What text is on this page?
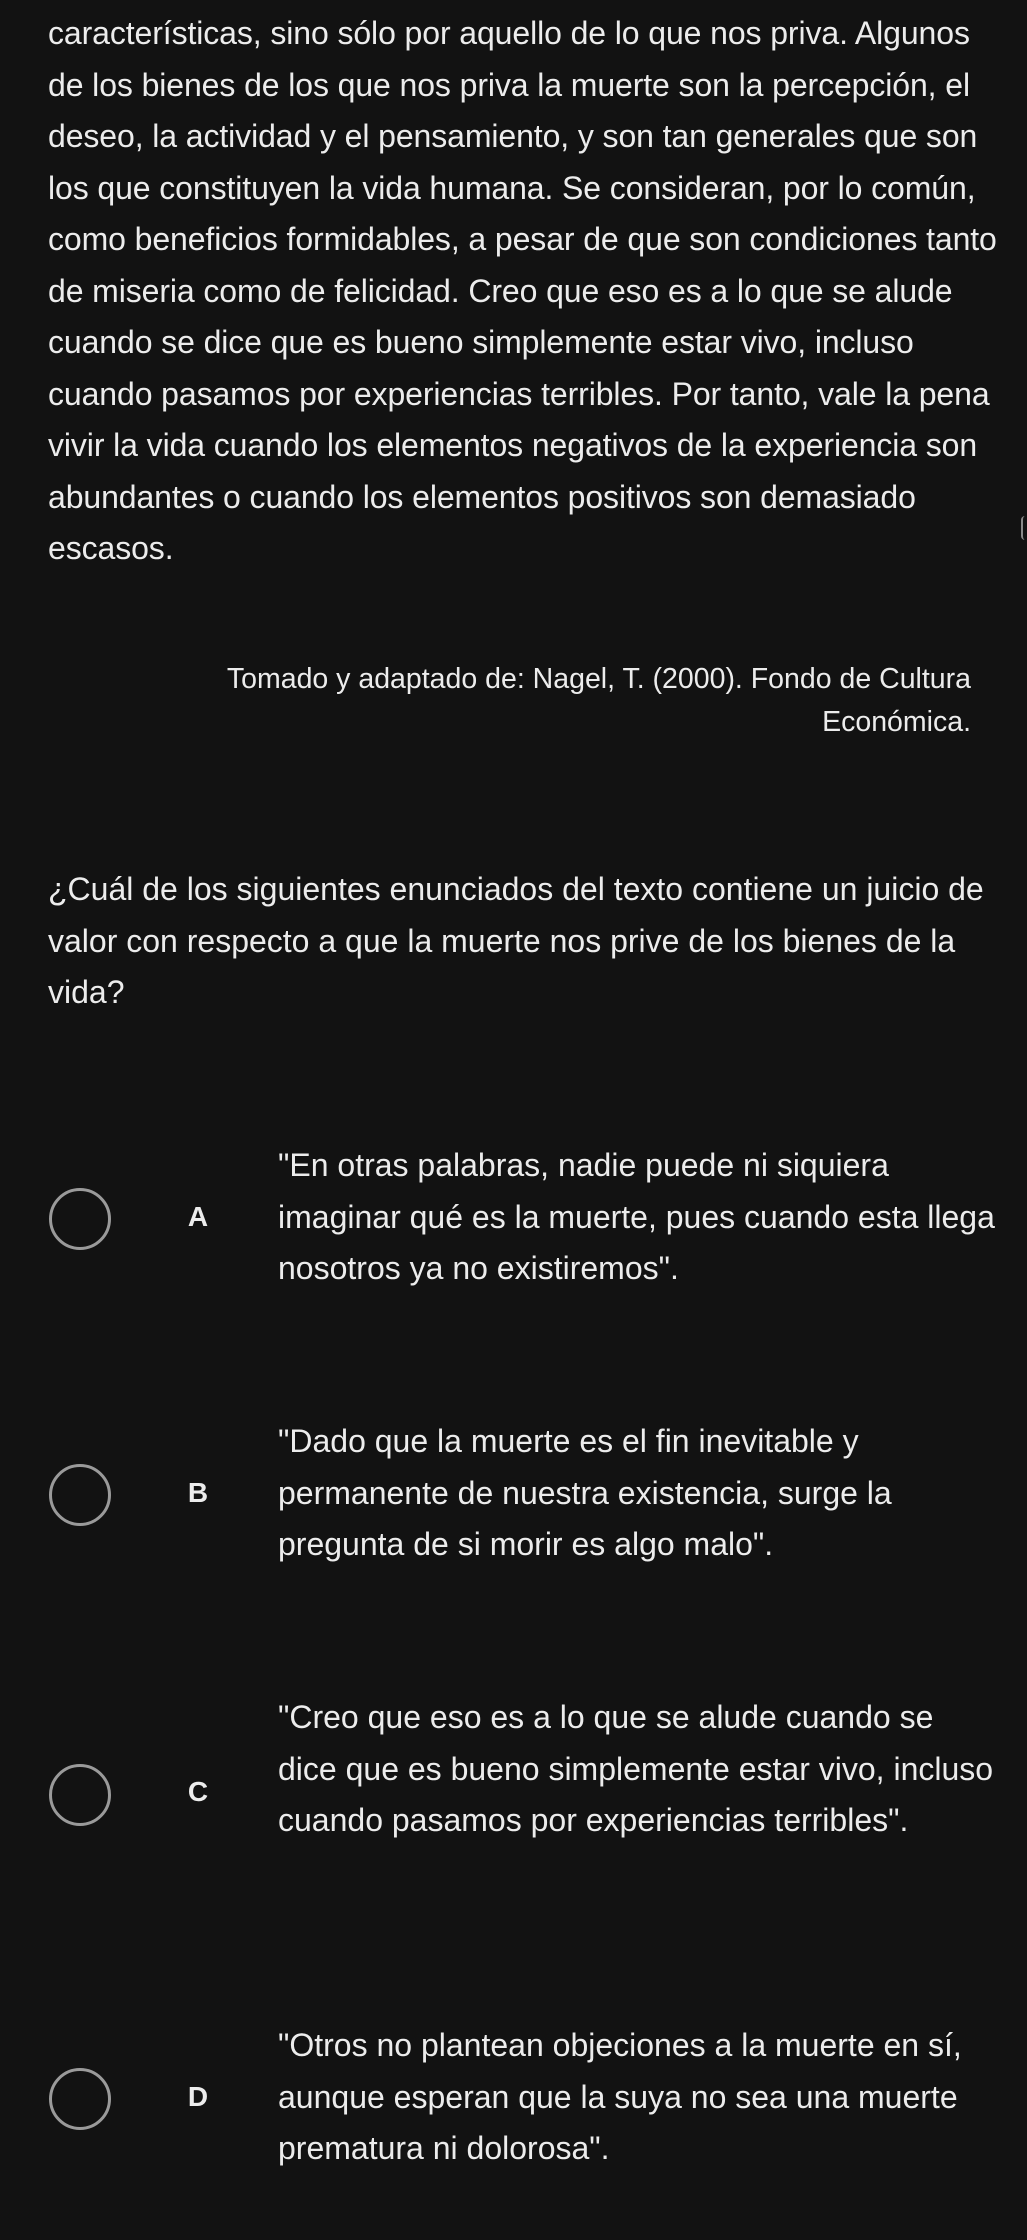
características, sino sólo por aquello de lo que nos priva. Algunos de los bienes de los que nos priva la muerte son la percepción, el deseo, la actividad y el pensamiento, y son tan generales que son los que constituyen la vida humana. Se consideran, por lo común, como beneficios formidables, a pesar de que son condiciones tanto de miseria como de felicidad. Creo que eso es a lo que se alude cuando se dice que es bueno simplemente estar vivo, incluso cuando pasamos por experiencias terribles. Por tanto, vale la pena vivir la vida cuando los elementos negativos de la experiencia son abundantes o cuando los elementos positivos son demasiado escasos.
Tomado y adaptado de: Nagel, T. (2000). Fondo de Cultura Económica.
¿Cuál de los siguientes enunciados del texto contiene un juicio de valor con respecto a que la muerte nos prive de los bienes de la vida?
A
"En otras palabras, nadie puede ni siquiera imaginar qué es la muerte, pues cuando esta llega nosotros ya no existiremos".
B
"Dado que la muerte es el fin inevitable y permanente de nuestra existencia, surge la pregunta de si morir es algo malo".
C
"Creo que eso es a lo que se alude cuando se dice que es bueno simplemente estar vivo, incluso cuando pasamos por experiencias terribles".
D
"Otros no plantean objeciones a la muerte en sí, aunque esperan que la suya no sea una muerte prematura ni dolorosa".
